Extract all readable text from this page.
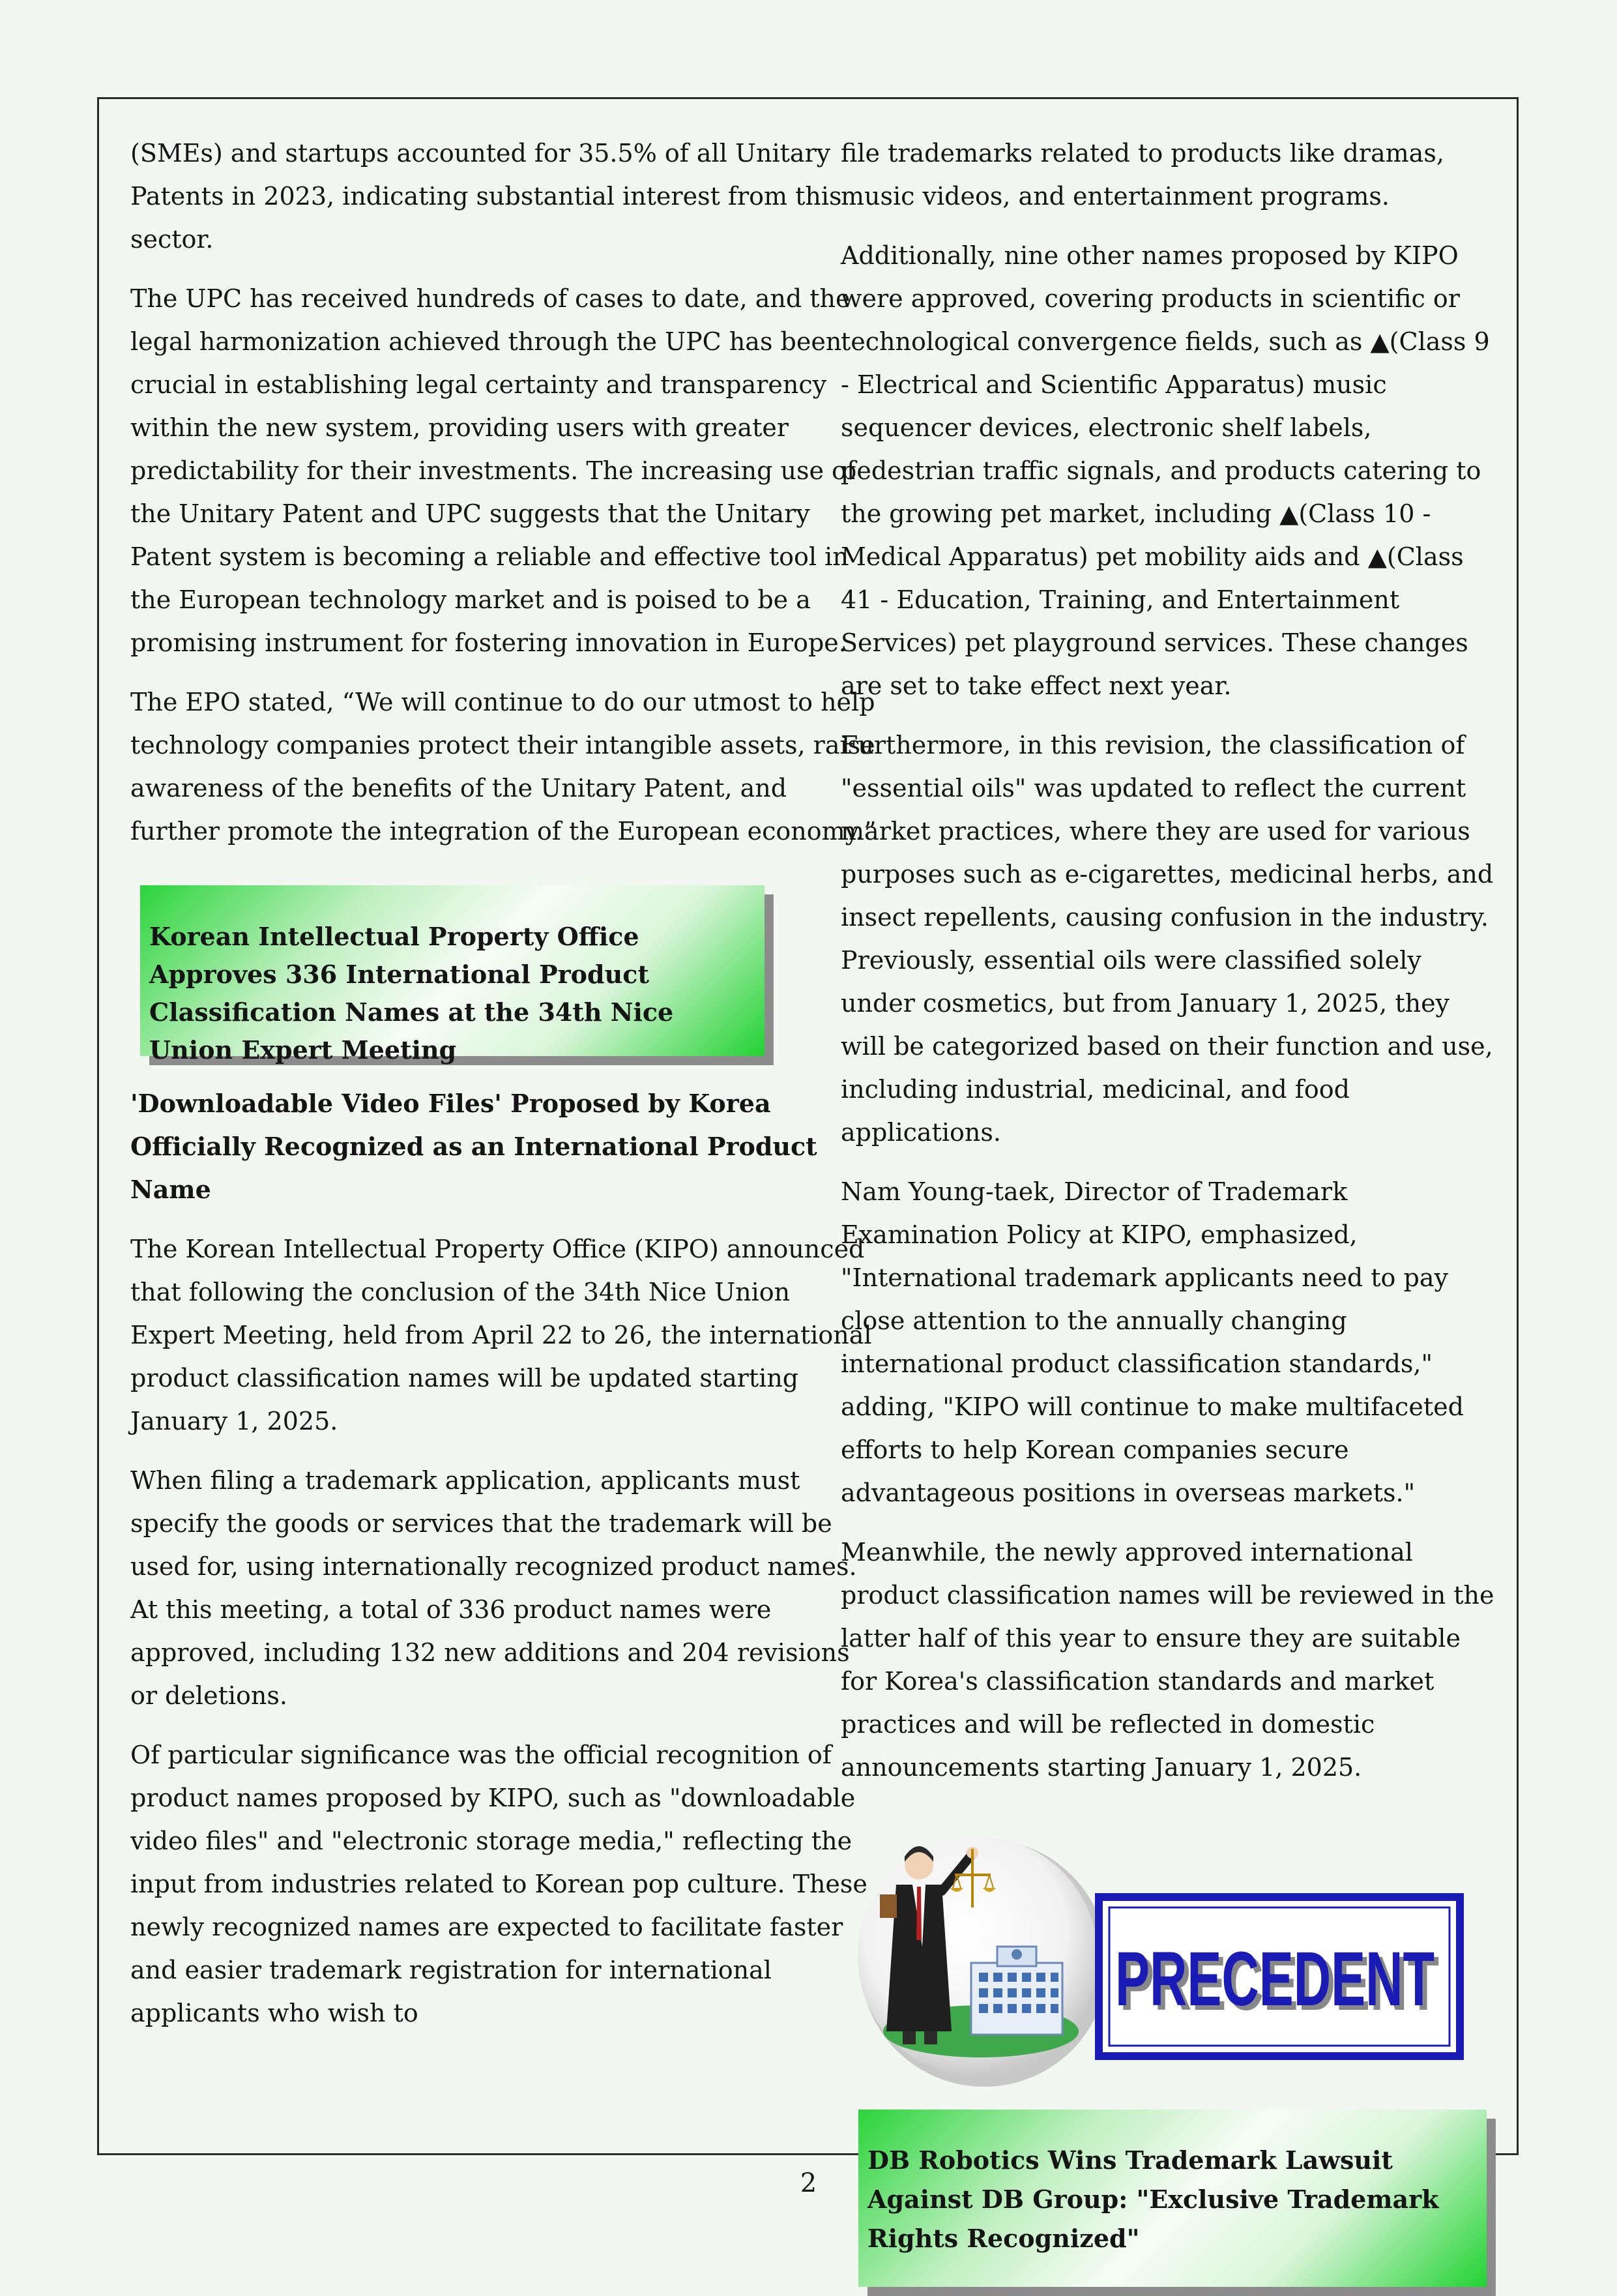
(SMEs) and startups accounted for 35.5% of all Unitary Patents in 2023, indicating substantial interest from this sector.

The UPC has received hundreds of cases to date, and the legal harmonization achieved through the UPC has been crucial in establishing legal certainty and transparency within the new system, providing users with greater predictability for their investments. The increasing use of the Unitary Patent and UPC suggests that the Unitary Patent system is becoming a reliable and effective tool in the European technology market and is poised to be a promising instrument for fostering innovation in Europe.

The EPO stated, “We will continue to do our utmost to help technology companies protect their intangible assets, raise awareness of the benefits of the Unitary Patent, and further promote the integration of the European economy.”

Korean Intellectual Property Office Approves 336 International Product Classification Names at the 34th Nice Union Expert Meeting

'Downloadable Video Files' Proposed by Korea Officially Recognized as an International Product Name

The Korean Intellectual Property Office (KIPO) announced that following the conclusion of the 34th Nice Union Expert Meeting, held from April 22 to 26, the international product classification names will be updated starting January 1, 2025.

When filing a trademark application, applicants must specify the goods or services that the trademark will be used for, using internationally recognized product names. At this meeting, a total of 336 product names were approved, including 132 new additions and 204 revisions or deletions.

Of particular significance was the official recognition of product names proposed by KIPO, such as "downloadable video files" and "electronic storage media," reflecting the input from industries related to Korean pop culture. These newly recognized names are expected to facilitate faster and easier trademark registration for international applicants who wish to

file trademarks related to products like dramas, music videos, and entertainment programs.

Additionally, nine other names proposed by KIPO were approved, covering products in scientific or technological convergence fields, such as ▲(Class 9 - Electrical and Scientific Apparatus) music sequencer devices, electronic shelf labels, pedestrian traffic signals, and products catering to the growing pet market, including ▲(Class 10 - Medical Apparatus) pet mobility aids and ▲(Class 41 - Education, Training, and Entertainment Services) pet playground services. These changes are set to take effect next year.

Furthermore, in this revision, the classification of "essential oils" was updated to reflect the current market practices, where they are used for various purposes such as e-cigarettes, medicinal herbs, and insect repellents, causing confusion in the industry. Previously, essential oils were classified solely under cosmetics, but from January 1, 2025, they will be categorized based on their function and use, including industrial, medicinal, and food applications.

Nam Young-taek, Director of Trademark Examination Policy at KIPO, emphasized, "International trademark applicants need to pay close attention to the annually changing international product classification standards," adding, "KIPO will continue to make multifaceted efforts to help Korean companies secure advantageous positions in overseas markets."

Meanwhile, the newly approved international product classification names will be reviewed in the latter half of this year to ensure they are suitable for Korea's classification standards and market practices and will be reflected in domestic announcements starting January 1, 2025.

PRECEDENT
PRECEDENT
DB Robotics Wins Trademark Lawsuit Against DB Group: "Exclusive Trademark Rights Recognized"
2
